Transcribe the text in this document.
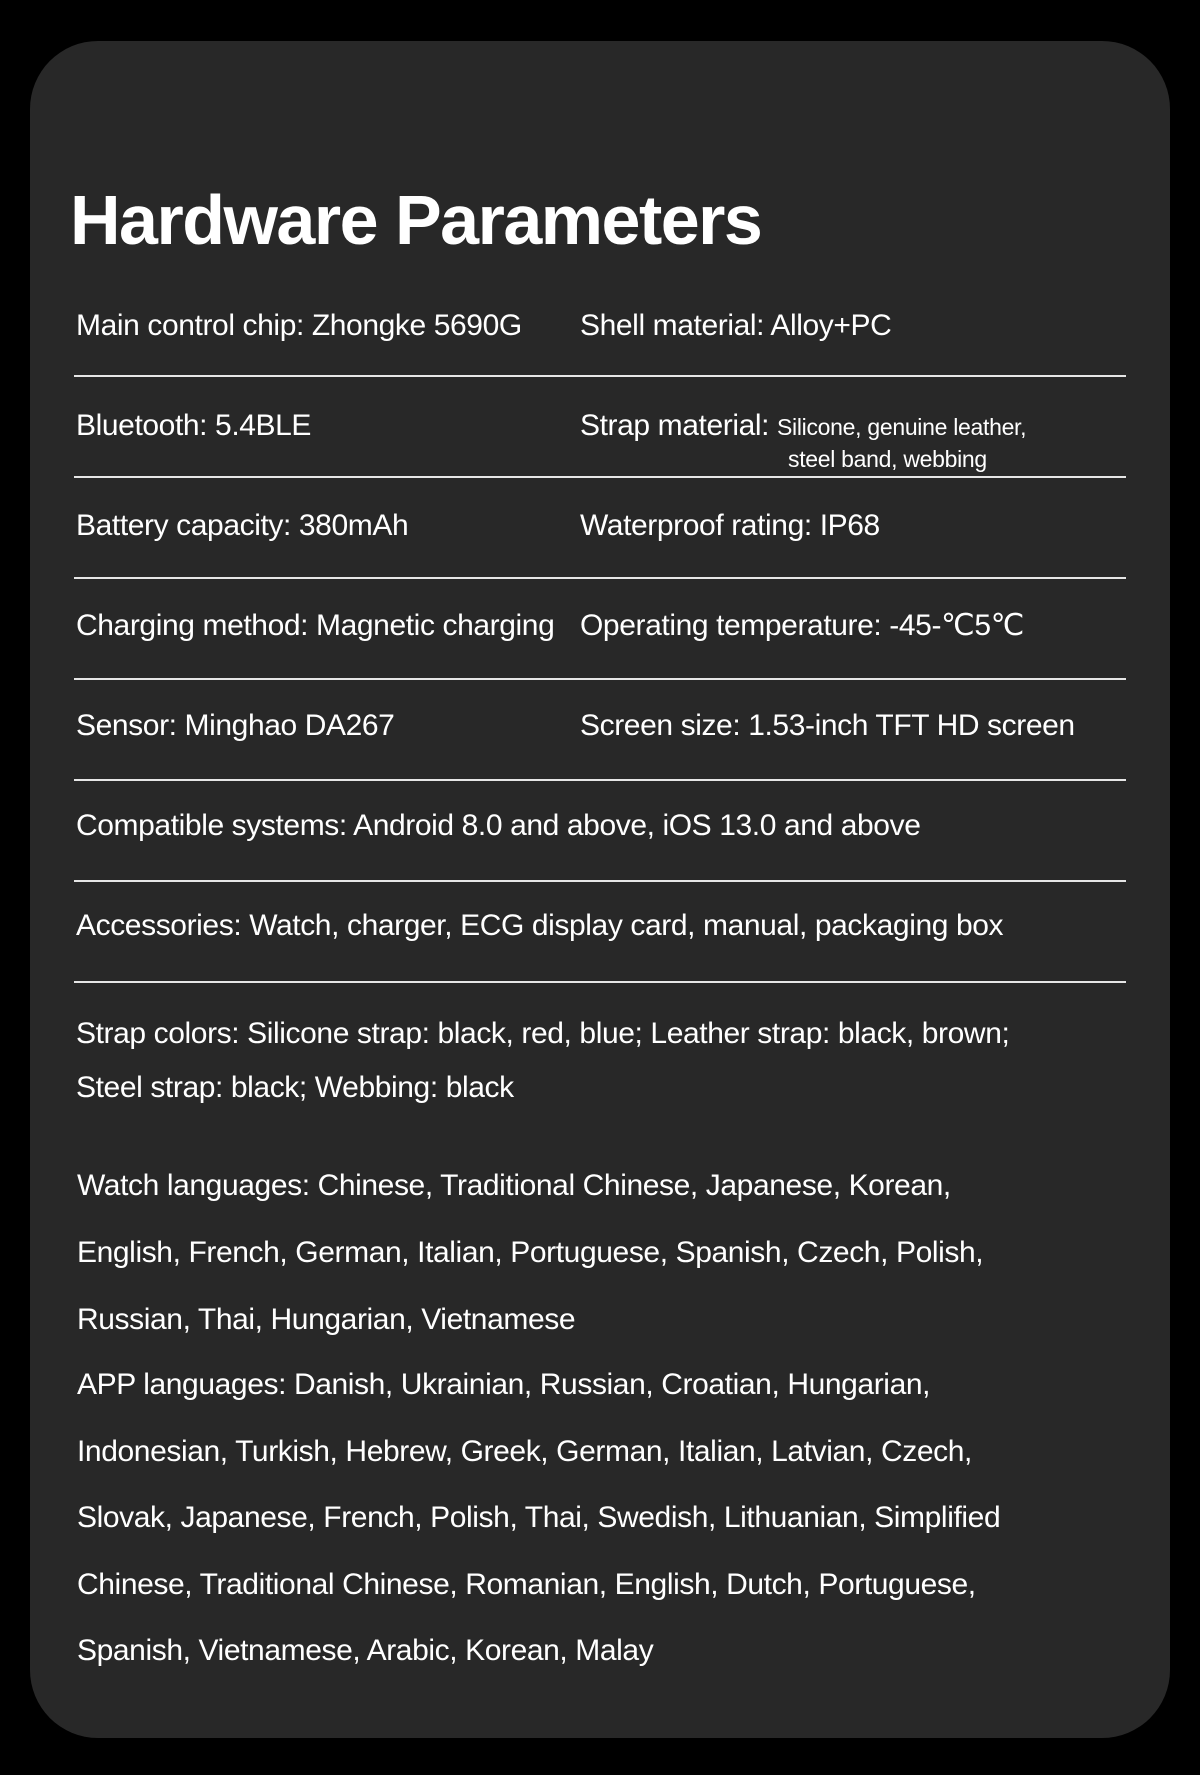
Hardware Parameters
Main control chip: Zhongke 5690G Shell material: Alloy+PC
Bluetooth: 5.4BLE	Strap material: Silicone, genuine leather,
steel band, webbing
Battery capacity: 380mAh	Waterproof rating: IP68
Charging method: Magnetic charging Operating temperature: -45-℃5℃
Sensor: Minghao DA267	Screen size: 1.53-inch TFT HD screen
Compatible systems: Android 8.0 and above, iOS 13.0 and above
Accessories: Watch, charger, ECG display card, manual, packaging box
Strap colors: Silicone strap: black, red, blue; Leather strap: black, brown;
Steel strap: black; Webbing: black
Watch languages: Chinese, Traditional Chinese, Japanese, Korean,
English, French, German, Italian, Portuguese, Spanish, Czech, Polish,
Russian, Thai, Hungarian, Vietnamese
APP languages: Danish, Ukrainian, Russian, Croatian, Hungarian,
Indonesian, Turkish, Hebrew, Greek, German, Italian, Latvian, Czech,
Slovak, Japanese, French, Polish, Thai, Swedish, Lithuanian, Simplified
Chinese, Traditional Chinese, Romanian, English, Dutch, Portuguese,
Spanish, Vietnamese, Arabic, Korean, Malay
